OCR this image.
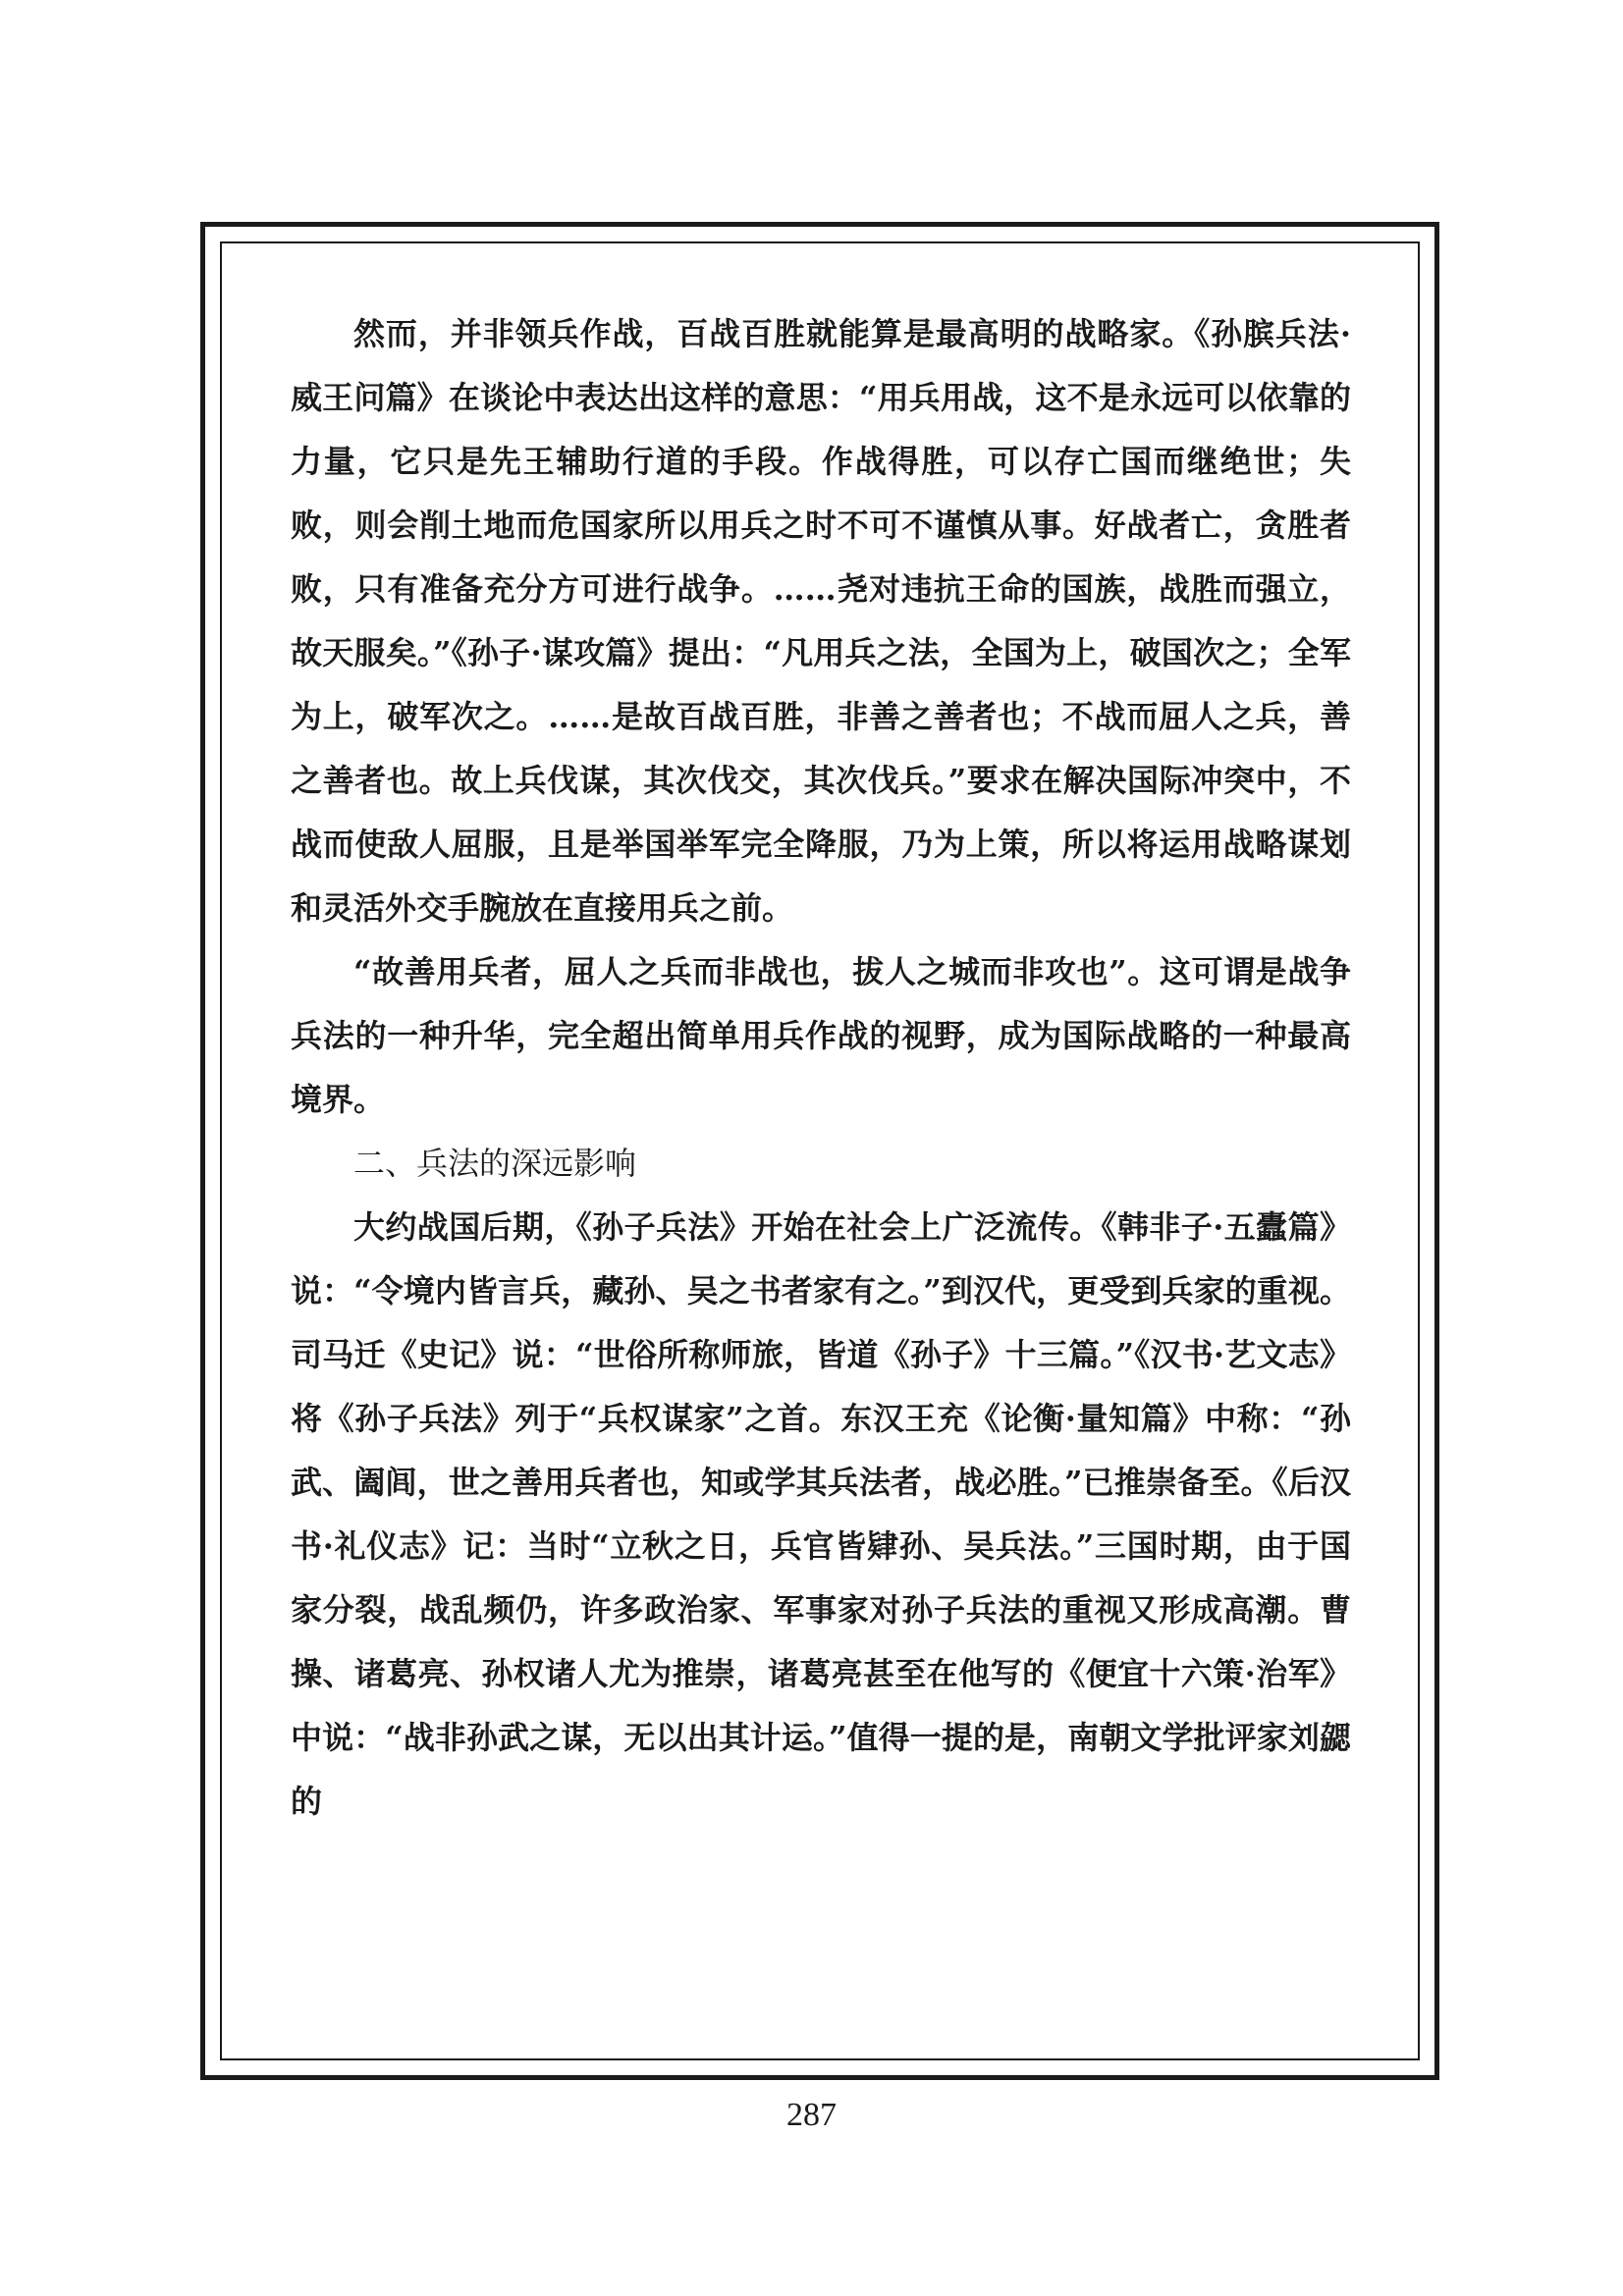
然而，并非领兵作战，百战百胜就能算是最高明的战略家。《孙膑兵法·威王问篇》在谈论中表达出这样的意思：“用兵用战，这不是永远可以依靠的力量，它只是先王辅助行道的手段。作战得胜，可以存亡国而继绝世；失败，则会削土地而危国家所以用兵之时不可不谨慎从事。好战者亡，贪胜者败，只有准备充分方可进行战争。……尧对违抗王命的国族，战胜而强立，故天服矣。”《孙子·谋攻篇》提出：“凡用兵之法，全国为上，破国次之；全军为上，破军次之。……是故百战百胜，非善之善者也；不战而屈人之兵，善之善者也。故上兵伐谋，其次伐交，其次伐兵。”要求在解决国际冲突中，不战而使敌人屈服，且是举国举军完全降服，乃为上策，所以将运用战略谋划和灵活外交手腕放在直接用兵之前。

“故善用兵者，屈人之兵而非战也，拔人之城而非攻也”。这可谓是战争兵法的一种升华，完全超出简单用兵作战的视野，成为国际战略的一种最高境界。

二、兵法的深远影响

大约战国后期，《孙子兵法》开始在社会上广泛流传。《韩非子·五蠹篇》说：“令境内皆言兵，藏孙、吴之书者家有之。”到汉代，更受到兵家的重视。司马迁《史记》说：“世俗所称师旅，皆道《孙子》十三篇。”《汉书·艺文志》将《孙子兵法》列于“兵权谋家”之首。东汉王充《论衡·量知篇》中称：“孙武、阖闾，世之善用兵者也，知或学其兵法者，战必胜。”已推崇备至。《后汉书·礼仪志》记：当时“立秋之日，兵官皆肄孙、吴兵法。”三国时期，由于国家分裂，战乱频仍，许多政治家、军事家对孙子兵法的重视又形成高潮。曹操、诸葛亮、孙权诸人尤为推崇，诸葛亮甚至在他写的《便宜十六策·治军》中说：“战非孙武之谋，无以出其计运。”值得一提的是，南朝文学批评家刘勰的

287
